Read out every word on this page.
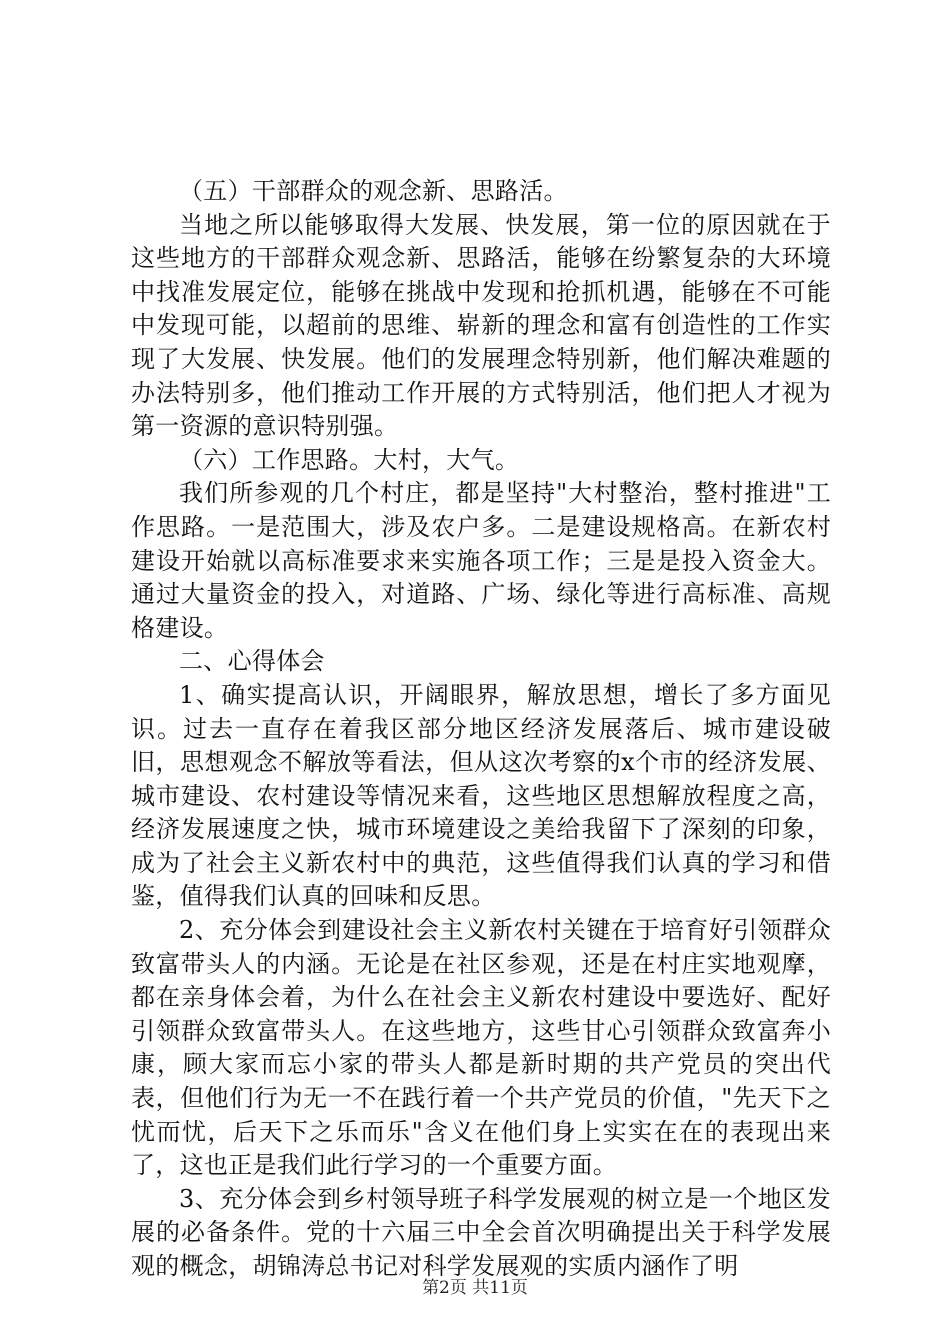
（五）干部群众的观念新、思路活。

当地之所以能够取得大发展、快发展，第一位的原因就在于这些地方的干部群众观念新、思路活，能够在纷繁复杂的大环境中找准发展定位，能够在挑战中发现和抢抓机遇，能够在不可能中发现可能，以超前的思维、崭新的理念和富有创造性的工作实现了大发展、快发展。他们的发展理念特别新，他们解决难题的办法特别多，他们推动工作开展的方式特别活，他们把人才视为第一资源的意识特别强。

（六）工作思路。大村，大气。

我们所参观的几个村庄，都是坚持"大村整治，整村推进"工作思路。一是范围大，涉及农户多。二是建设规格高。在新农村建设开始就以高标准要求来实施各项工作；三是是投入资金大。通过大量资金的投入，对道路、广场、绿化等进行高标准、高规格建设。

二、心得体会

1、确实提高认识，开阔眼界，解放思想，增长了多方面见识。过去一直存在着我区部分地区经济发展落后、城市建设破旧，思想观念不解放等看法，但从这次考察的x个市的经济发展、城市建设、农村建设等情况来看，这些地区思想解放程度之高，经济发展速度之快，城市环境建设之美给我留下了深刻的印象，成为了社会主义新农村中的典范，这些值得我们认真的学习和借鉴，值得我们认真的回味和反思。

2、充分体会到建设社会主义新农村关键在于培育好引领群众致富带头人的内涵。无论是在社区参观，还是在村庄实地观摩，都在亲身体会着，为什么在社会主义新农村建设中要选好、配好引领群众致富带头人。在这些地方，这些甘心引领群众致富奔小康，顾大家而忘小家的带头人都是新时期的共产党员的突出代表，但他们行为无一不在践行着一个共产党员的价值，"先天下之忧而忧，后天下之乐而乐"含义在他们身上实实在在的表现出来了，这也正是我们此行学习的一个重要方面。

3、充分体会到乡村领导班子科学发展观的树立是一个地区发展的必备条件。党的十六届三中全会首次明确提出关于科学发展观的概念，胡锦涛总书记对科学发展观的实质内涵作了明

第2页 共11页
